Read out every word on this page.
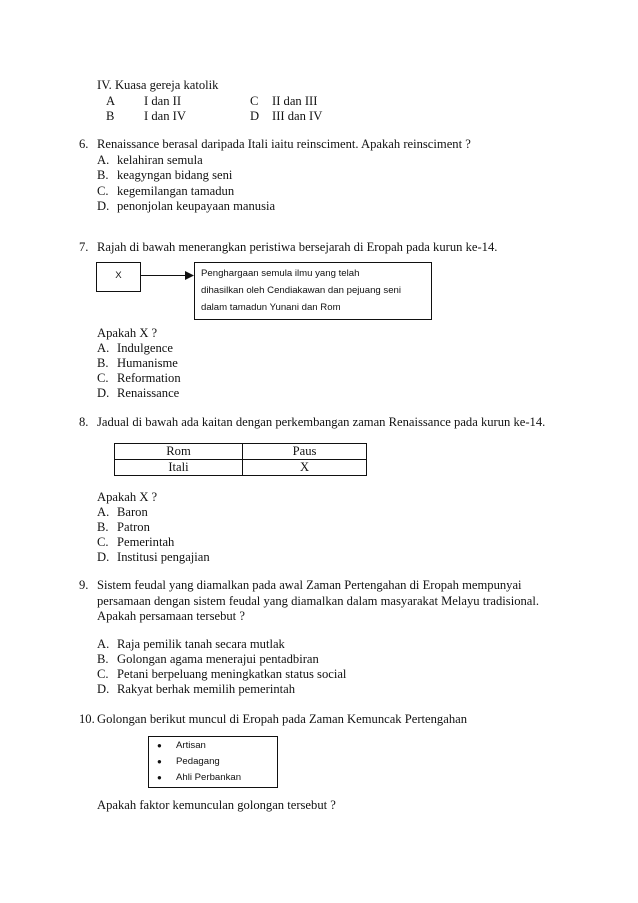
IV. Kuasa gereja katolik
A I dan II	C II dan III
B I dan IV	D III dan IV
6. Renaissance berasal daripada Itali iaitu reinsciment. Apakah reinsciment ?
A. kelahiran semula
B. keagyngan bidang seni
C. kegemilangan tamadun
D. penonjolan keupayaan manusia
7. Rajah di bawah menerangkan peristiwa bersejarah di Eropah pada kurun ke-14.
X	Penghargaan semula ilmu yang telah
dihasilkan oleh Cendiakawan dan pejuang seni
dalam tamadun Yunani dan Rom
Apakah X ?
A. Indulgence
B. Humanisme
C. Reformation
D. Renaissance
8. Jadual di bawah ada kaitan dengan perkembangan zaman Renaissance pada kurun ke-14.
Rom	Paus
Itali	X
Apakah X ?
A. Baron
B. Patron
C. Pemerintah
D. Institusi pengajian
9. Sistem feudal yang diamalkan pada awal Zaman Pertengahan di Eropah mempunyai
persamaan dengan sistem feudal yang diamalkan dalam masyarakat Melayu tradisional.
Apakah persamaan tersebut ?
A. Raja pemilik tanah secara mutlak
B. Golongan agama menerajui pentadbiran
C. Petani berpeluang meningkatkan status social
D. Rakyat berhak memilih pemerintah
10. Golongan berikut muncul di Eropah pada Zaman Kemuncak Pertengahan
● Artisan
● Pedagang
● Ahli Perbankan
Apakah faktor kemunculan golongan tersebut ?
